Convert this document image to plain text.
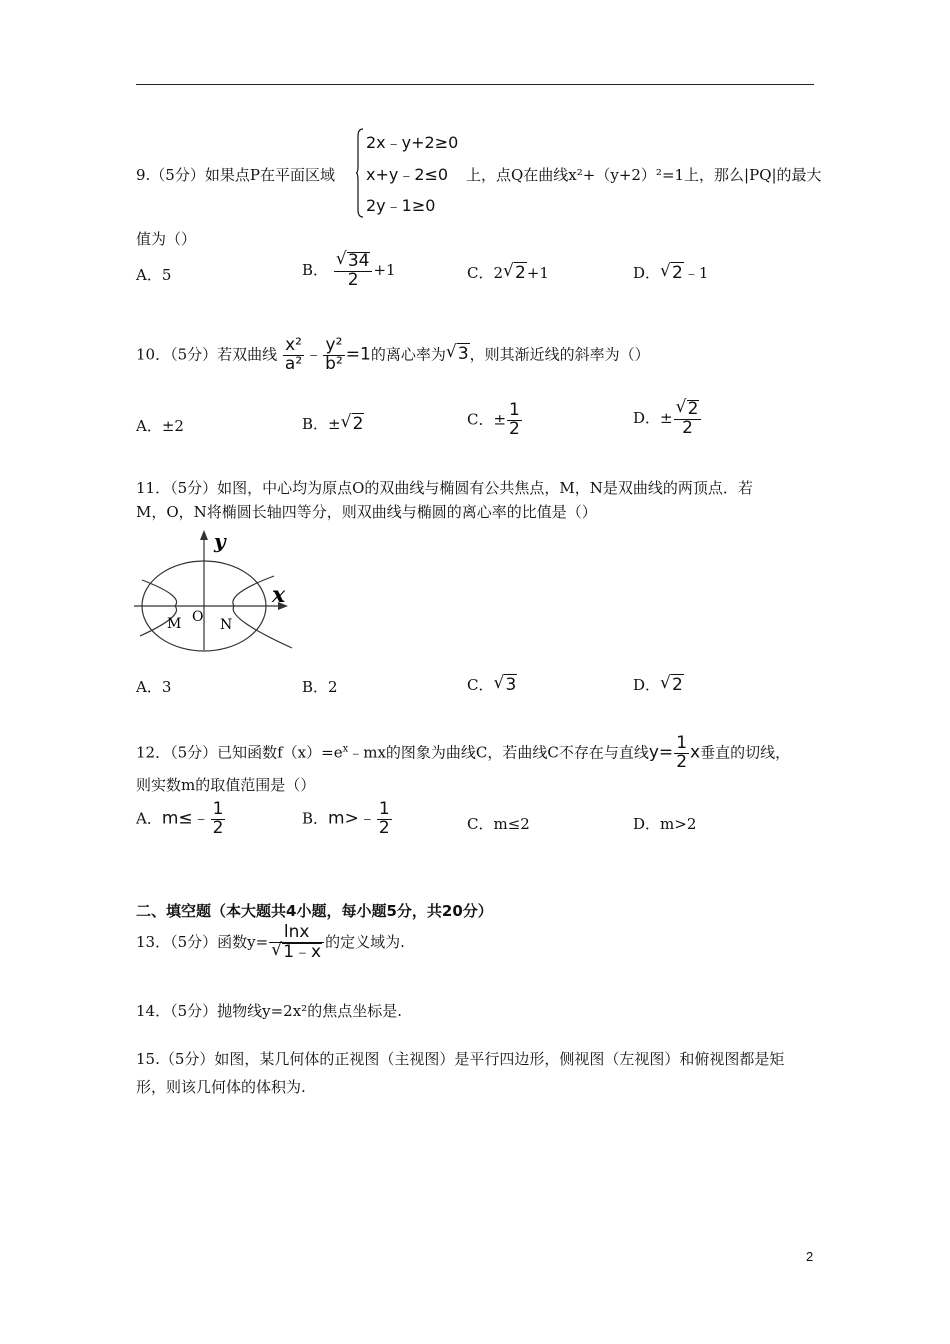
9.（5分）如果点P在平面区域
2x﹣y+2≥0
x+y﹣2≤0
2y﹣1≥0
上，点Q在曲线x²+（y+2）²=1上，那么|PQ|的最大
值为（）
A．5	B． √ $\frac{34}{2} +1$	C．2 √ 2+1	D． √ 2﹣1
10．（5分）若双曲线 $\frac{\text{x²}}{\text{a²}}$ ﹣ $\frac{\text{y²}}{\text{b²}} =1$的离心率为 √ 3，则其渐近线的斜率为（）
A．±2	B．± √ 2	C．± $\frac{1}{2}$	D．± √ $\frac{2}{2}$
11．（5分）如图，中心均为原点O的双曲线与椭圆有公共焦点，M，N是双曲线的两顶点．若
M，O，N将椭圆长轴四等分，则双曲线与椭圆的离心率的比值是（）
y
x
M O N
A．3	B．2	C． √ 3	D． √ 2
12．（5分）已知函数$f(x)=e^x﹣mx$的图象为曲线C，若曲线C不存在与直线$y= \frac{1}{2}$ x垂直的切线，
则实数m的取值范围是（）
A．m≤﹣ $\frac{1}{2}$	B．m>﹣ $\frac{1}{2}$	C．m≤2	D．m>2
二、填空题（本大题共4小题，每小题5分，共20分）
13．（5分）函数y= lnx
√ 1﹣x 的定义域为.
14．（5分）抛物线y=2x²的焦点坐标是.
15.（5分）如图，某几何体的正视图（主视图）是平行四边形，侧视图（左视图）和俯视图都是矩
形，则该几何体的体积为.
2
